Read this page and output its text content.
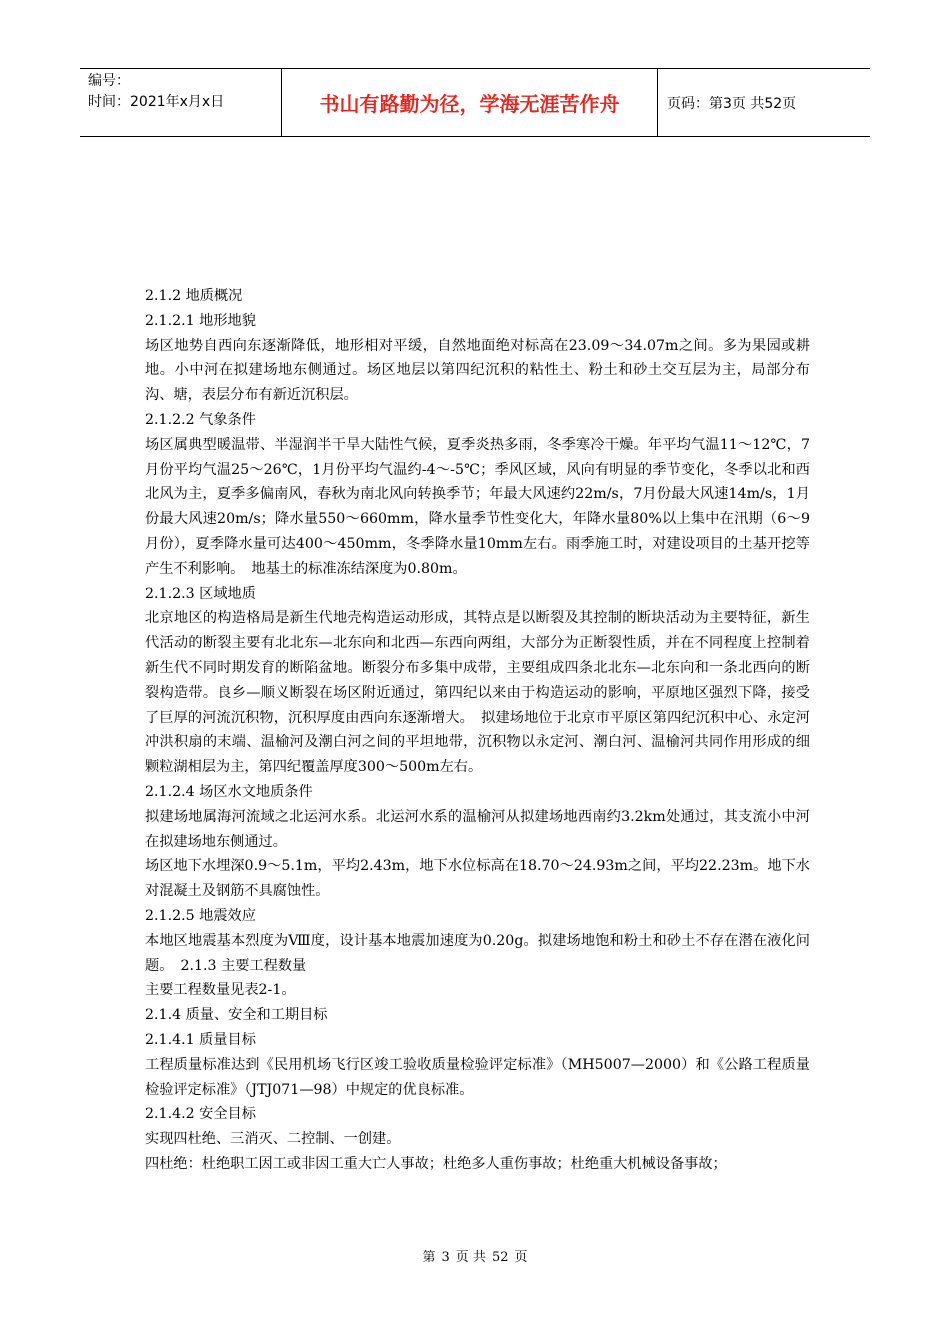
编号：
时间：2021年x月x日	书山有路勤为径，学海无涯苦作舟	页码：第3页 共52页

2.1.2 地质概况

2.1.2.1 地形地貌

场区地势自西向东逐渐降低，地形相对平缓，自然地面绝对标高在23.09～34.07m之间。多为果园或耕地。小中河在拟建场地东侧通过。场区地层以第四纪沉积的粘性土、粉土和砂土交互层为主，局部分布沟、塘，表层分布有新近沉积层。

2.1.2.2 气象条件

场区属典型暖温带、半湿润半干旱大陆性气候，夏季炎热多雨，冬季寒冷干燥。年平均气温11～12℃，7月份平均气温25～26℃，1月份平均气温约-4～-5℃；季风区域，风向有明显的季节变化，冬季以北和西北风为主，夏季多偏南风，春秋为南北风向转换季节；年最大风速约22m/s，7月份最大风速14m/s，1月份最大风速20m/s；降水量550～660mm，降水量季节性变化大，年降水量80%以上集中在汛期（6～9月份），夏季降水量可达400～450mm，冬季降水量10mm左右。雨季施工时，对建设项目的土基开挖等产生不利影响。　地基土的标准冻结深度为0.80m。

2.1.2.3 区域地质

北京地区的构造格局是新生代地壳构造运动形成，其特点是以断裂及其控制的断块活动为主要特征，新生代活动的断裂主要有北北东—北东向和北西—东西向两组，大部分为正断裂性质，并在不同程度上控制着新生代不同时期发育的断陷盆地。断裂分布多集中成带，主要组成四条北北东—北东向和一条北西向的断裂构造带。良乡—顺义断裂在场区附近通过，第四纪以来由于构造运动的影响，平原地区强烈下降，接受了巨厚的河流沉积物，沉积厚度由西向东逐渐增大。　拟建场地位于北京市平原区第四纪沉积中心、永定河冲洪积扇的末端、温榆河及潮白河之间的平坦地带，沉积物以永定河、潮白河、温榆河共同作用形成的细颗粒湖相层为主，第四纪覆盖厚度300～500m左右。

2.1.2.4 场区水文地质条件

拟建场地属海河流域之北运河水系。北运河水系的温榆河从拟建场地西南约3.2km处通过，其支流小中河在拟建场地东侧通过。

场区地下水埋深0.9～5.1m，平均2.43m，地下水位标高在18.70～24.93m之间，平均22.23m。地下水对混凝土及钢筋不具腐蚀性。

2.1.2.5 地震效应

本地区地震基本烈度为Ⅷ度，设计基本地震加速度为0.20g。拟建场地饱和粉土和砂土不存在潜在液化问题。　2.1.3 主要工程数量

主要工程数量见表2-1。

2.1.4 质量、安全和工期目标

2.1.4.1 质量目标

工程质量标准达到《民用机场飞行区竣工验收质量检验评定标准》（MH5007—2000）和《公路工程质量检验评定标准》（JTJ071—98）中规定的优良标准。

2.1.4.2 安全目标

实现四杜绝、三消灭、二控制、一创建。

四杜绝：杜绝职工因工或非因工重大亡人事故；杜绝多人重伤事故；杜绝重大机械设备事故；

第 3 页 共 52 页
